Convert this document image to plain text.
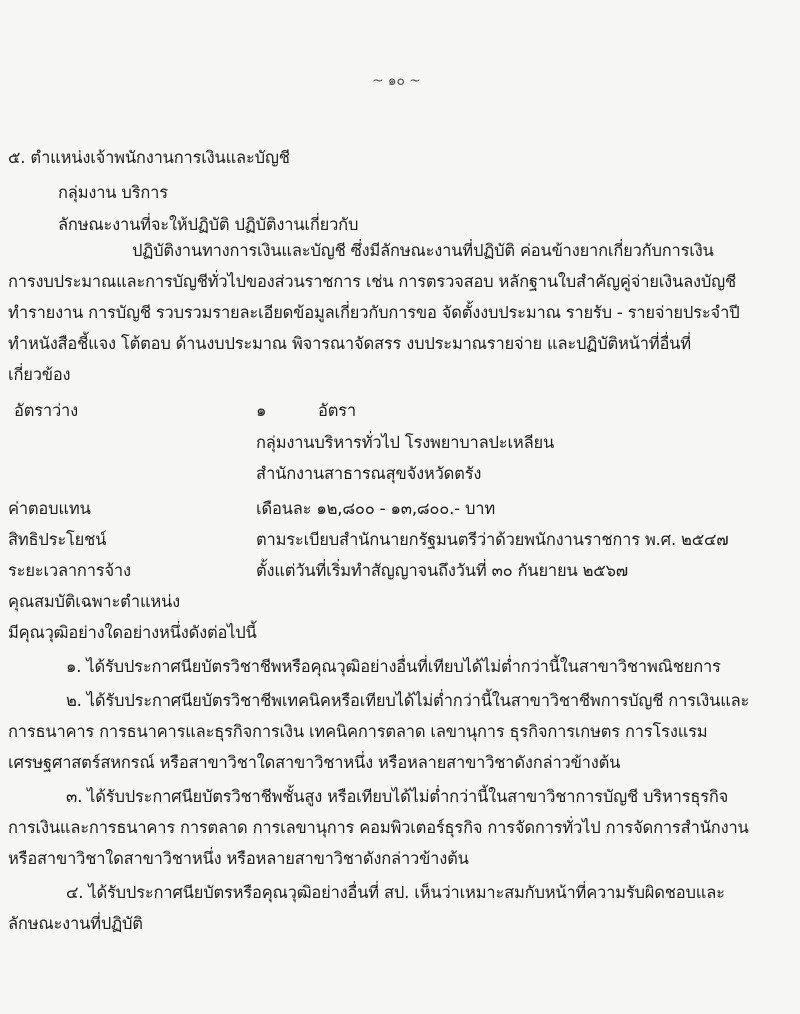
~ ๑๐ ~
๕. ตำแหน่งเจ้าพนักงานการเงินและบัญชี
กลุ่มงาน บริการ
ลักษณะงานที่จะให้ปฏิบัติ ปฏิบัติงานเกี่ยวกับ
ปฏิบัติงานทางการเงินและบัญชี ซึ่งมีลักษณะงานที่ปฏิบัติ ค่อนข้างยากเกี่ยวกับการเงิน
การงบประมาณและการบัญชีทั่วไปของส่วนราชการ เช่น การตรวจสอบ หลักฐานใบสำคัญคู่จ่ายเงินลงบัญชี
ทำรายงาน การบัญชี รวบรวมรายละเอียดข้อมูลเกี่ยวกับการขอ จัดตั้งงบประมาณ รายรับ - รายจ่ายประจำปี
ทำหนังสือชี้แจง โต้ตอบ ด้านงบประมาณ พิจารณาจัดสรร งบประมาณรายจ่าย และปฏิบัติหน้าที่อื่นที่
เกี่ยวข้อง
อัตราว่าง	๑	อัตรา
กลุ่มงานบริหารทั่วไป โรงพยาบาลปะเหลียน
สำนักงานสาธารณสุขจังหวัดตรัง
ค่าตอบแทน	เดือนละ ๑๒,๘๐๐ - ๑๓,๘๐๐.- บาท
สิทธิประโยชน์	ตามระเบียบสำนักนายกรัฐมนตรีว่าด้วยพนักงานราชการ พ.ศ. ๒๕๔๗
ระยะเวลาการจ้าง	ตั้งแต่วันที่เริ่มทำสัญญาจนถึงวันที่ ๓๐ กันยายน ๒๕๖๗
คุณสมบัติเฉพาะตำแหน่ง
มีคุณวุฒิอย่างใดอย่างหนึ่งดังต่อไปนี้
๑. ได้รับประกาศนียบัตรวิชาชีพหรือคุณวุฒิอย่างอื่นที่เทียบได้ไม่ต่ำกว่านี้ในสาขาวิชาพณิชยการ
๒. ได้รับประกาศนียบัตรวิชาชีพเทคนิคหรือเทียบได้ไม่ต่ำกว่านี้ในสาขาวิชาชีพการบัญชี การเงินและ
การธนาคาร การธนาคารและธุรกิจการเงิน เทคนิคการตลาด เลขานุการ ธุรกิจการเกษตร การโรงแรม
เศรษฐศาสตร์สหกรณ์ หรือสาขาวิชาใดสาขาวิชาหนึ่ง หรือหลายสาขาวิชาดังกล่าวข้างต้น
๓. ได้รับประกาศนียบัตรวิชาชีพชั้นสูง หรือเทียบได้ไม่ต่ำกว่านี้ในสาขาวิชาการบัญชี บริหารธุรกิจ
การเงินและการธนาคาร การตลาด การเลขานุการ คอมพิวเตอร์ธุรกิจ การจัดการทั่วไป การจัดการสำนักงาน
หรือสาขาวิชาใดสาขาวิชาหนึ่ง หรือหลายสาขาวิชาดังกล่าวข้างต้น
๔. ได้รับประกาศนียบัตรหรือคุณวุฒิอย่างอื่นที่ สป. เห็นว่าเหมาะสมกับหน้าที่ความรับผิดชอบและ
ลักษณะงานที่ปฏิบัติ
